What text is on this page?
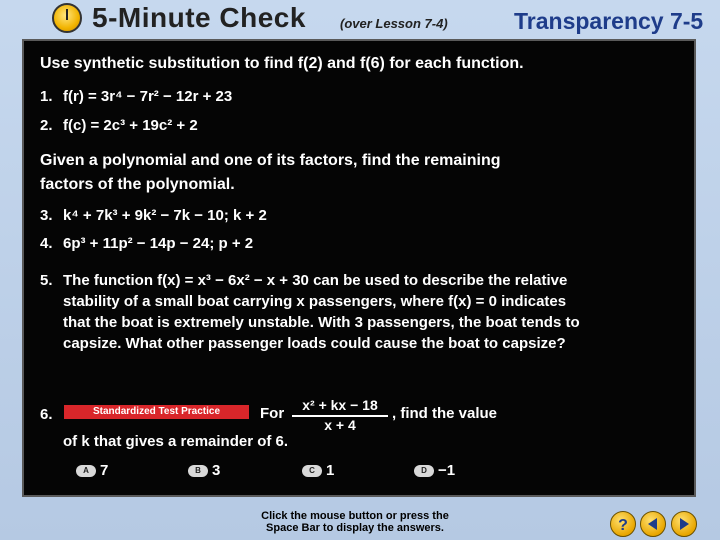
5-Minute Check	(over Lesson 7-4)	Transparency 7-5
Use synthetic substitution to find f(2) and f(6) for each function.
1. f(r) = 3r⁴ − 7r² − 12r + 23
2. f(c) = 2c³ + 19c² + 2
Given a polynomial and one of its factors, find the remaining
factors of the polynomial.
3. k⁴ + 7k³ + 9k² − 7k − 10; k + 2
4. 6p³ + 11p² − 14p − 24; p + 2
5. The function f(x) = x³ − 6x² − x + 30 can be used to describe the relative stability of a small boat carrying x passengers, where f(x) = 0 indicates that the boat is extremely unstable. With 3 passengers, the boat tends to capsize. What other passenger loads could cause the boat to capsize?
6.	Standardized Test Practice	For $\frac{\text{x² + kx − 18}}{x + 4}$ , find the value
of k that gives a remainder of 6.
A 7	B 3	C 1	D −1
Click the mouse button or press the Space Bar to display the answers.	?
